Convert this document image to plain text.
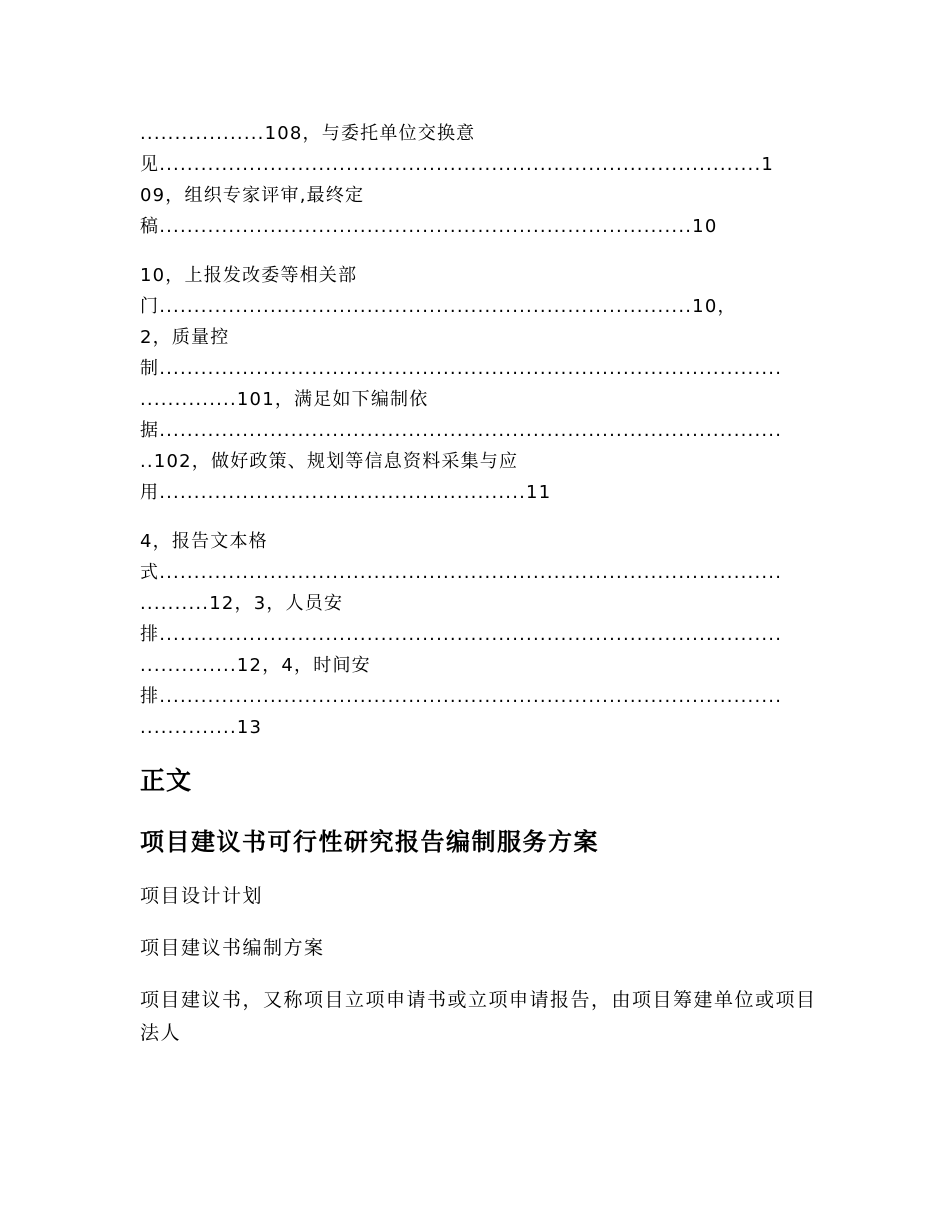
..................108，与委托单位交换意
见.......................................................................................1
09，组织专家评审,最终定
稿.............................................................................10
10，上报发改委等相关部
门.............................................................................10，
2，质量控
制..........................................................................................
..............101，满足如下编制依
据..........................................................................................
..102，做好政策、规划等信息资料采集与应
用.....................................................11
4，报告文本格
式..........................................................................................
..........12，3，人员安
排..........................................................................................
..............12，4，时间安
排..........................................................................................
..............13
正文
项目建议书可行性研究报告编制服务方案
项目设计计划
项目建议书编制方案
项目建议书，又称项目立项申请书或立项申请报告，由项目筹建单位或项目法人
